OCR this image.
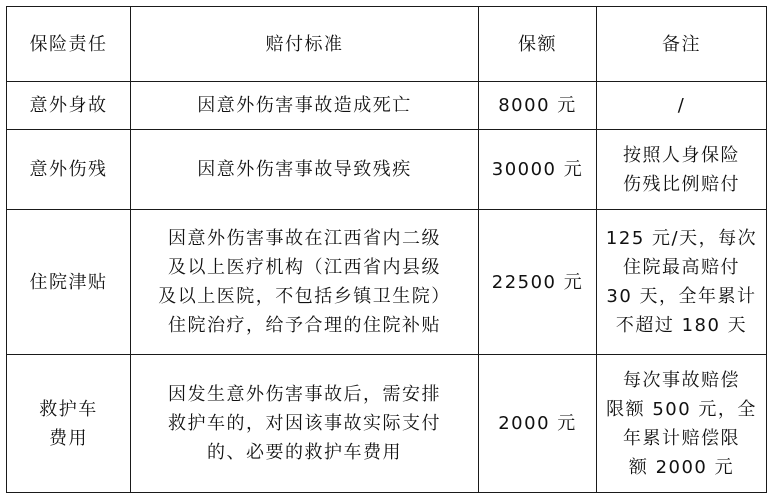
保险责任	赔付标准	保额	备注

意外身故	因意外伤害事故造成死亡	8000 元	/

意外伤残	因意外伤害事故导致残疾	30000 元	按照人身保险
伤残比例赔付

住院津贴	因意外伤害事故在江西省内二级
及以上医疗机构（江西省内县级
及以上医院，不包括乡镇卫生院）
住院治疗，给予合理的住院补贴	22500 元	125 元/天，每次
住院最高赔付
30 天，全年累计
不超过 180 天

救护车
费用	因发生意外伤害事故后，需安排
救护车的，对因该事故实际支付
的、必要的救护车费用	2000 元	每次事故赔偿
限额 500 元，全
年累计赔偿限
额 2000 元
